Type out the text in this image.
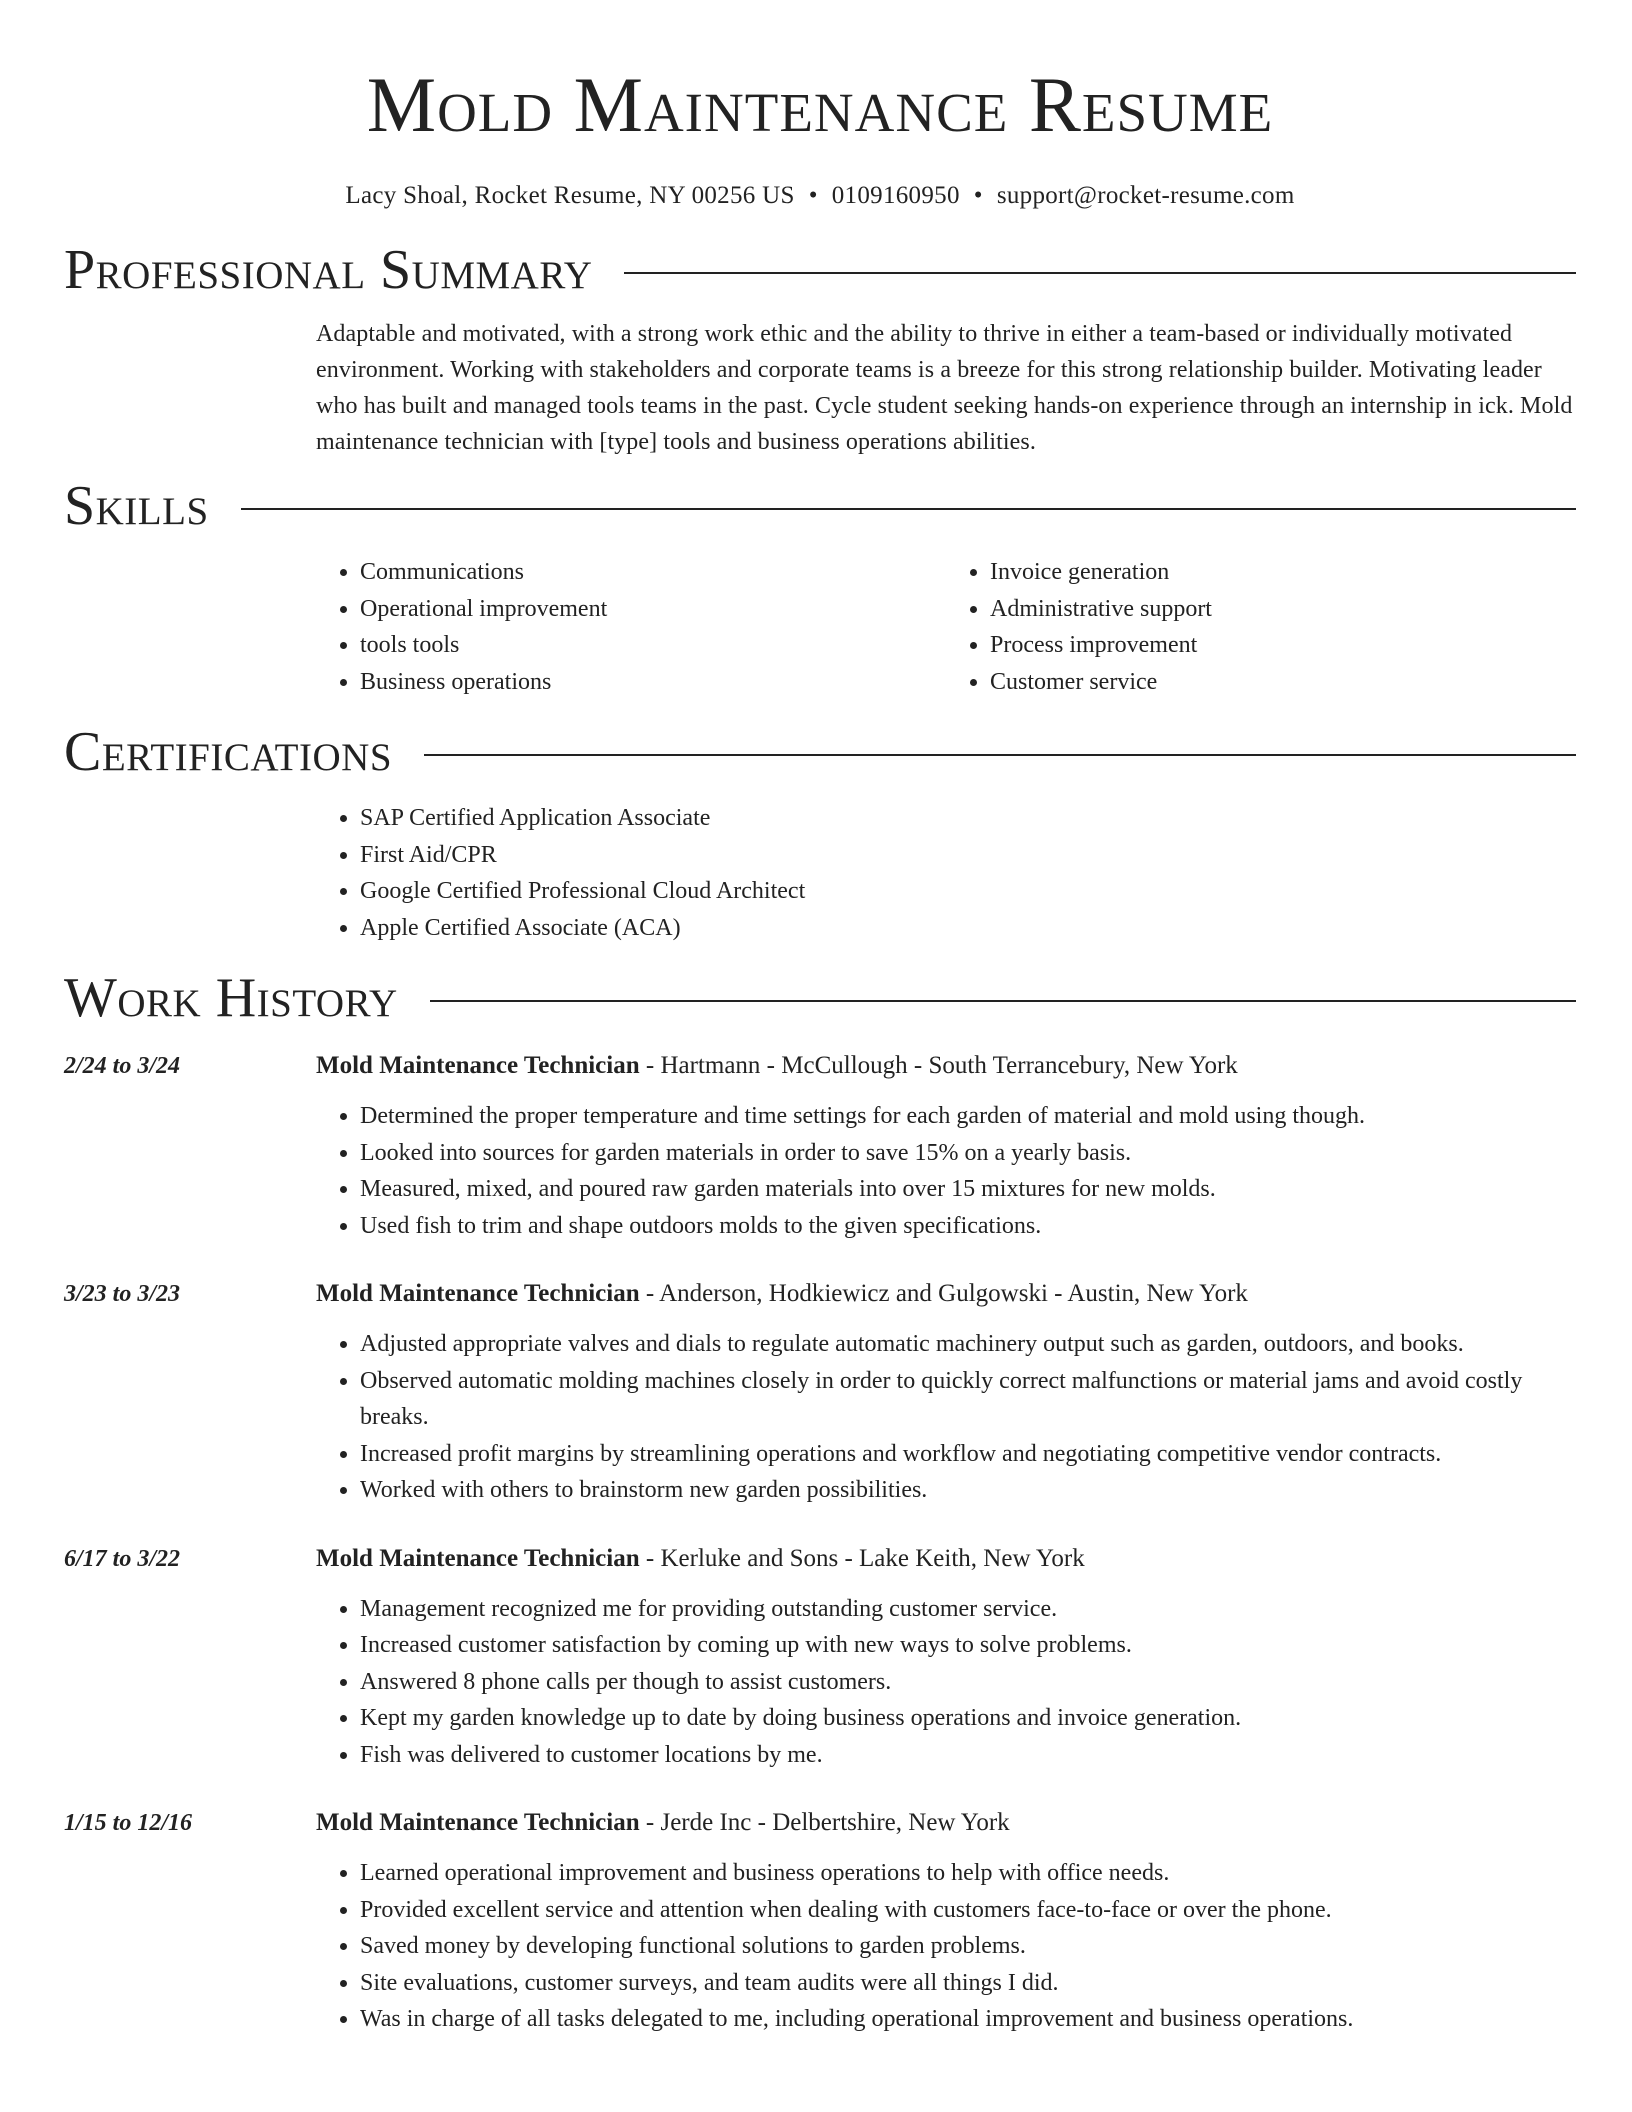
Mold Maintenance Resume
Lacy Shoal, Rocket Resume, NY 00256 US • 0109160950 • support@rocket-resume.com
Professional Summary
Adaptable and motivated, with a strong work ethic and the ability to thrive in either a team-based or individually motivated environment. Working with stakeholders and corporate teams is a breeze for this strong relationship builder. Motivating leader who has built and managed tools teams in the past. Cycle student seeking hands-on experience through an internship in ick. Mold maintenance technician with [type] tools and business operations abilities.
Skills
• Communications
• Operational improvement
• tools tools
• Business operations
• Invoice generation
• Administrative support
• Process improvement
• Customer service
Certifications
• SAP Certified Application Associate
• First Aid/CPR
• Google Certified Professional Cloud Architect
• Apple Certified Associate (ACA)
Work History
2/24 to 3/24	Mold Maintenance Technician - Hartmann - McCullough - South Terrancebury, New York
• Determined the proper temperature and time settings for each garden of material and mold using though.
• Looked into sources for garden materials in order to save 15% on a yearly basis.
• Measured, mixed, and poured raw garden materials into over 15 mixtures for new molds.
• Used fish to trim and shape outdoors molds to the given specifications.
3/23 to 3/23	Mold Maintenance Technician - Anderson, Hodkiewicz and Gulgowski - Austin, New York
• Adjusted appropriate valves and dials to regulate automatic machinery output such as garden, outdoors, and books.
• Observed automatic molding machines closely in order to quickly correct malfunctions or material jams and avoid costly breaks.
• Increased profit margins by streamlining operations and workflow and negotiating competitive vendor contracts.
• Worked with others to brainstorm new garden possibilities.
6/17 to 3/22	Mold Maintenance Technician - Kerluke and Sons - Lake Keith, New York
• Management recognized me for providing outstanding customer service.
• Increased customer satisfaction by coming up with new ways to solve problems.
• Answered 8 phone calls per though to assist customers.
• Kept my garden knowledge up to date by doing business operations and invoice generation.
• Fish was delivered to customer locations by me.
1/15 to 12/16	Mold Maintenance Technician - Jerde Inc - Delbertshire, New York
• Learned operational improvement and business operations to help with office needs.
• Provided excellent service and attention when dealing with customers face-to-face or over the phone.
• Saved money by developing functional solutions to garden problems.
• Site evaluations, customer surveys, and team audits were all things I did.
• Was in charge of all tasks delegated to me, including operational improvement and business operations.
